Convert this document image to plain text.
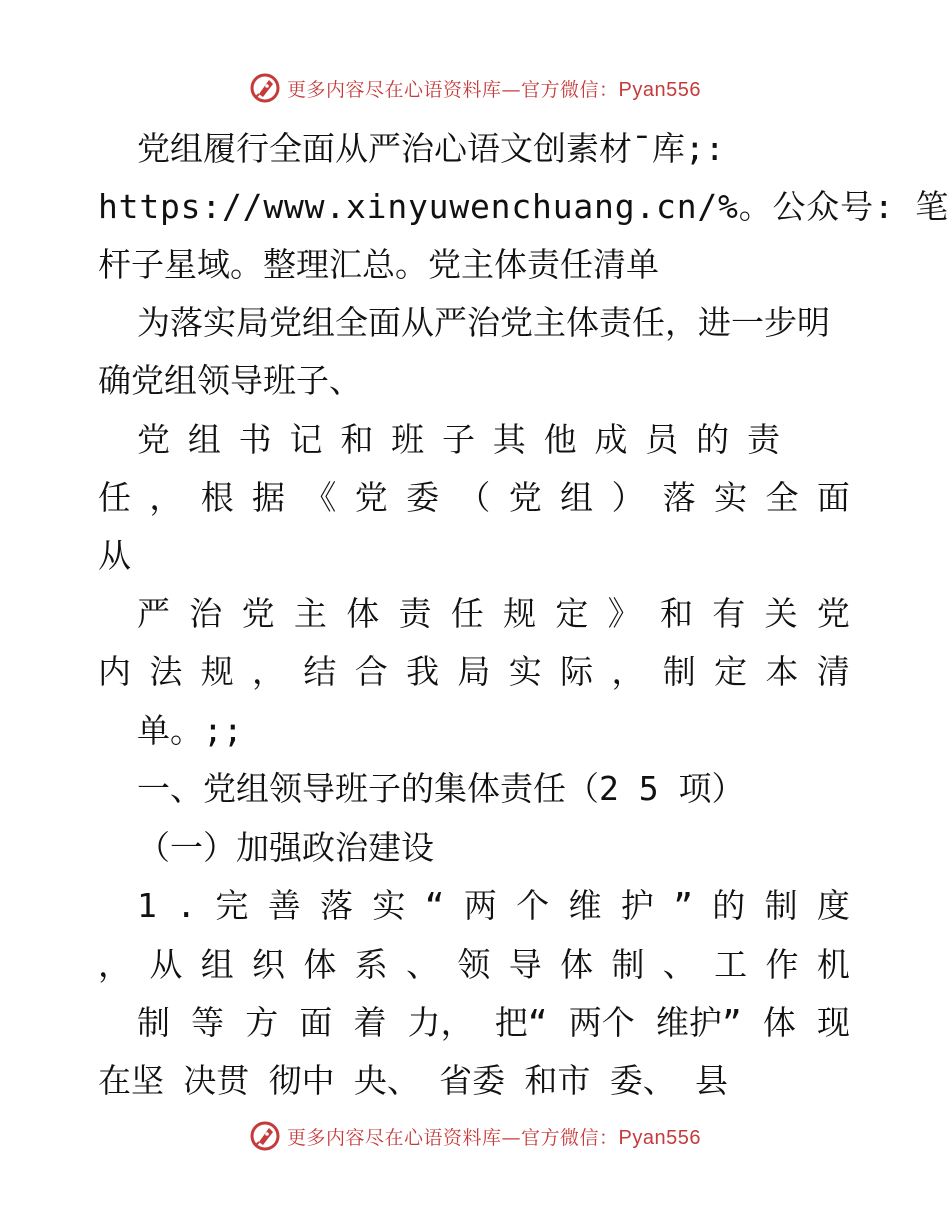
更多内容尽在心语资料库—官方微信：Pyan556
党组履行全面从严治心语文创素材¯库;:
https://www.xinyuwenchuang.cn/%。公众号: 笔
杆子星域。整理汇总。党主体责任清单
为落实局党组全面从严治党主体责任，进一步明
确党组领导班子、
党 组 书 记 和 班 子 其 他 成 员 的 责
任 ， 根 据 《 党 委 （ 党 组 ） 落 实 全 面
从
严 治 党 主 体 责 任 规 定 》 和 有 关 党
内 法 规 ， 结 合 我 局 实 际 ， 制 定 本 清
单。;;
一、党组领导班子的集体责任（2 5 项）
（一）加强政治建设
1 . 完 善 落 实 “ 两 个 维 护 ” 的 制 度
， 从 组 织 体 系 、 领 导 体 制 、 工 作 机
制 等 方 面 着 力， 把“ 两个 维护” 体 现
在坚 决贯 彻中 央、 省委 和市 委、 县
更多内容尽在心语资料库—官方微信：Pyan556
